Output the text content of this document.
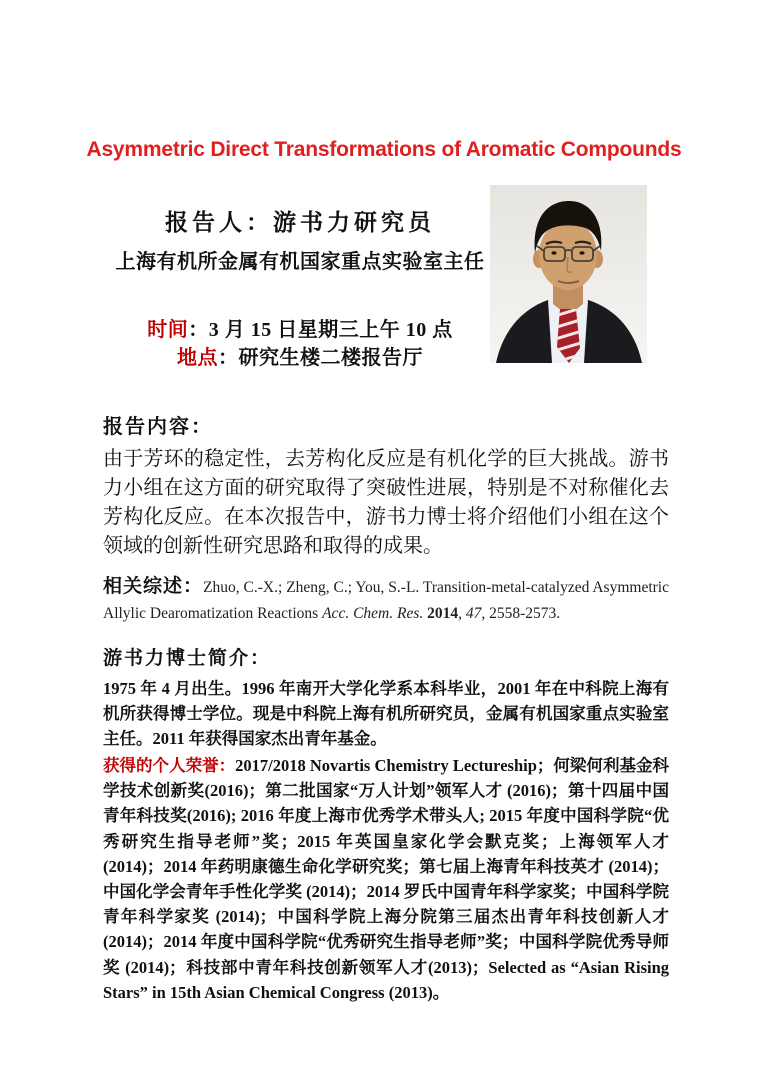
Asymmetric Direct Transformations of Aromatic Compounds
报告人：游书力研究员
上海有机所金属有机国家重点实验室主任
时间：3 月 15 日星期三上午 10 点
地点：研究生楼二楼报告厅
报告内容：
由于芳环的稳定性，去芳构化反应是有机化学的巨大挑战。游书力小组在这方面的研究取得了突破性进展，特别是不对称催化去芳构化反应。在本次报告中，游书力博士将介绍他们小组在这个领域的创新性研究思路和取得的成果。
相关综述：Zhuo, C.-X.; Zheng, C.; You, S.-L. Transition-metal-catalyzed Asymmetric Allylic Dearomatization Reactions Acc. Chem. Res. 2014, 47, 2558-2573.
游书力博士简介：
1975 年 4 月出生。1996 年南开大学化学系本科毕业，2001 年在中科院上海有机所获得博士学位。现是中科院上海有机所研究员，金属有机国家重点实验室主任。2011 年获得国家杰出青年基金。
获得的个人荣誉：2017/2018 Novartis Chemistry Lectureship；何梁何利基金科学技术创新奖(2016)；第二批国家“万人计划”领军人才 (2016)；第十四届中国青年科技奖(2016); 2016 年度上海市优秀学术带头人; 2015 年度中国科学院“优秀研究生指导老师”奖；2015 年英国皇家化学会默克奖；上海领军人才(2014)；2014 年药明康德生命化学研究奖；第七届上海青年科技英才 (2014)；中国化学会青年手性化学奖 (2014)；2014 罗氏中国青年科学家奖；中国科学院青年科学家奖 (2014)；中国科学院上海分院第三届杰出青年科技创新人才 (2014)；2014 年度中国科学院“优秀研究生指导老师”奖；中国科学院优秀导师奖 (2014)；科技部中青年科技创新领军人才(2013)；Selected as “Asian Rising Stars” in 15th Asian Chemical Congress (2013)。
